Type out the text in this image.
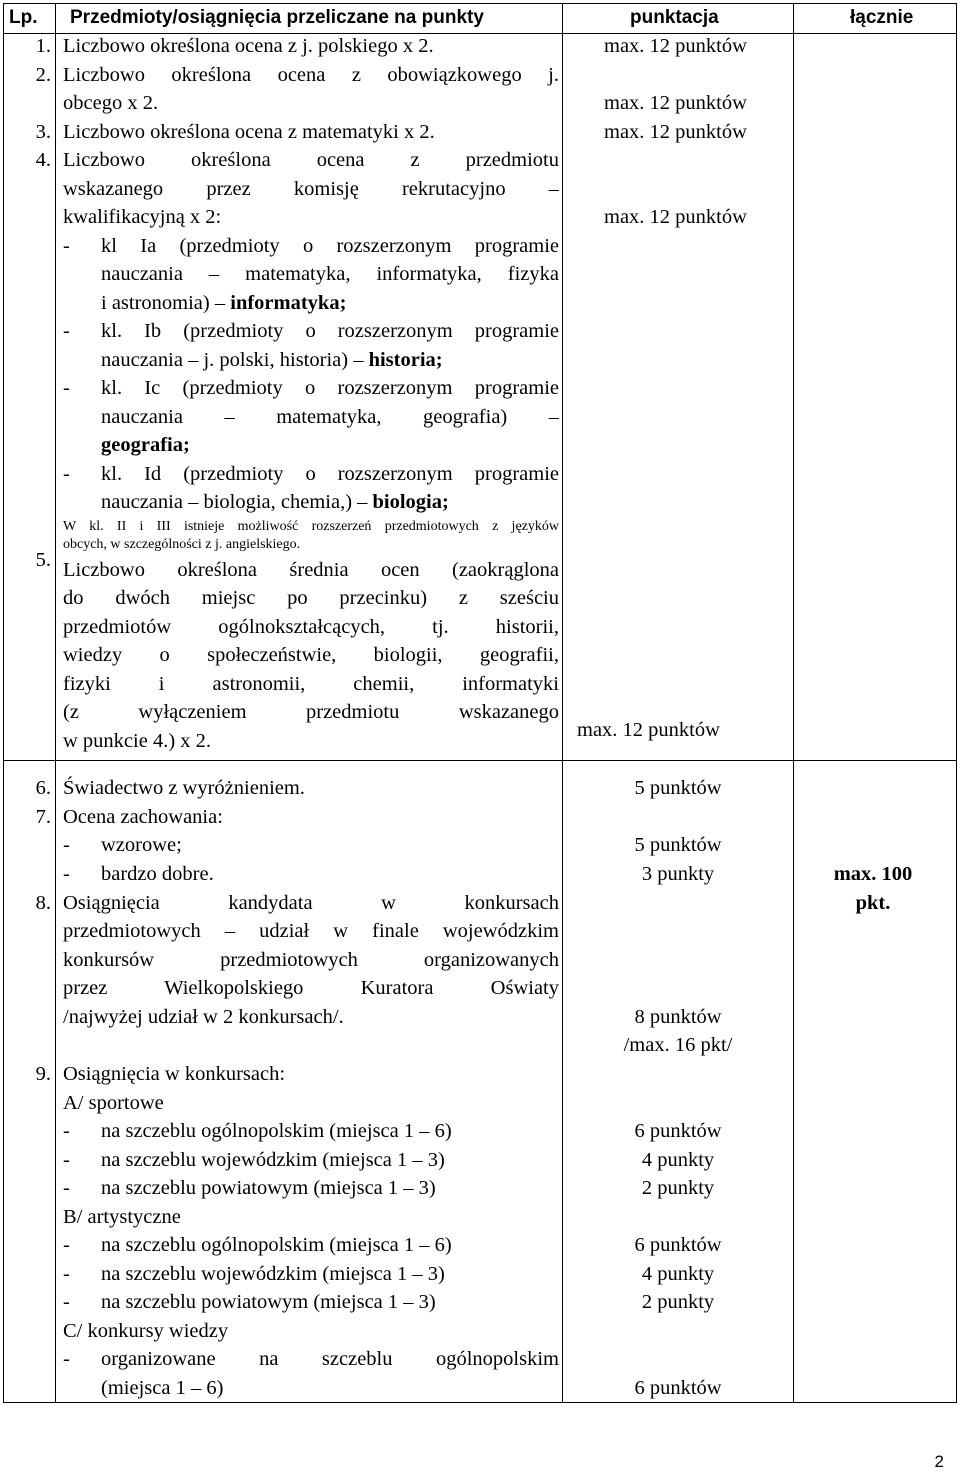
Lp. Przedmioty/osiągnięcia przeliczane na punkty	punktacja	łącznie
1.
2.
3.
4.
5.
6.
7.
8.
9.
Liczbowo określona ocena z j. polskiego x 2.
Liczbowo określona ocena z obowiązkowego j.
obcego x 2.
Liczbowo określona ocena z matematyki x 2.
Liczbowo określona ocena z przedmiotu
wskazanego przez komisję rekrutacyjno –
kwalifikacyjną x 2:
- kl Ia (przedmioty o rozszerzonym programie
nauczania – matematyka, informatyka, fizyka
i astronomia) – informatyka;
- kl. Ib (przedmioty o rozszerzonym programie
nauczania – j. polski, historia) – historia;
- kl. Ic (przedmioty o rozszerzonym programie
nauczania – matematyka, geografia) –
geografia;
- kl. Id (przedmioty o rozszerzonym programie
nauczania – biologia, chemia,) – biologia;
W kl. II i III istnieje możliwość rozszerzeń przedmiotowych z języków
obcych, w szczególności z j. angielskiego.
Liczbowo określona średnia ocen (zaokrąglona
do dwóch miejsc po przecinku) z sześciu
przedmiotów ogólnokształcących, tj. historii,
wiedzy o społeczeństwie, biologii, geografii,
fizyki i astronomii, chemii, informatyki
(z wyłączeniem przedmiotu wskazanego
w punkcie 4.) x 2.
Świadectwo z wyróżnieniem.
Ocena zachowania:
- wzorowe;
- bardzo dobre.
Osiągnięcia kandydata w konkursach
przedmiotowych – udział w finale wojewódzkim
konkursów przedmiotowych organizowanych
przez Wielkopolskiego Kuratora Oświaty
/najwyżej udział w 2 konkursach/.
Osiągnięcia w konkursach:
A/ sportowe
- na szczeblu ogólnopolskim (miejsca 1 – 6)
- na szczeblu wojewódzkim (miejsca 1 – 3)
- na szczeblu powiatowym (miejsca 1 – 3)
B/ artystyczne
- na szczeblu ogólnopolskim (miejsca 1 – 6)
- na szczeblu wojewódzkim (miejsca 1 – 3)
- na szczeblu powiatowym (miejsca 1 – 3)
C/ konkursy wiedzy
- organizowane na szczeblu ogólnopolskim
(miejsca 1 – 6)
max. 12 punktów
max. 12 punktów
max. 12 punktów
max. 12 punktów
max. 12 punktów
5 punktów
5 punktów
3 punkty
8 punktów
/max. 16 pkt/
6 punktów
4 punkty
2 punkty
6 punktów
4 punkty
2 punkty
6 punktów
max. 100
pkt.
2
